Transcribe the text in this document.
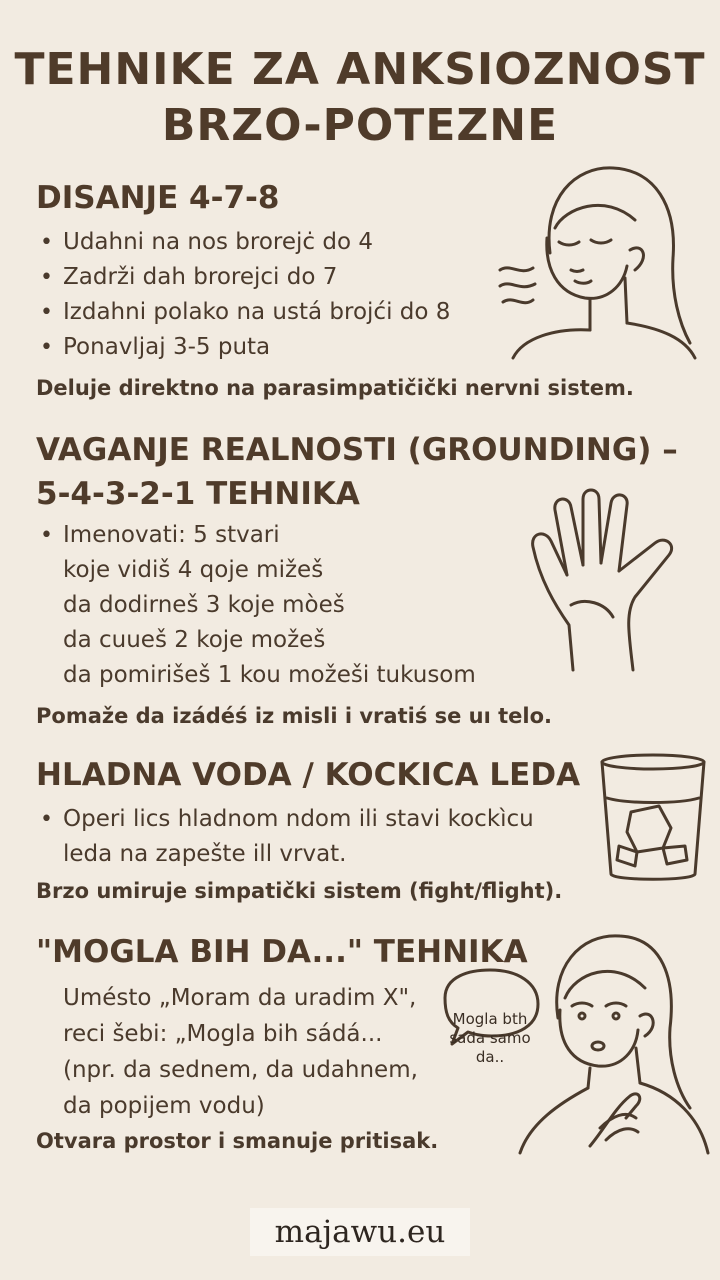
TEHNIKE ZA ANKSIOZNOST
BRZO-POTEZNE
DISANJE 4-7-8
• Udahni na nos brorejċ do 4
• Zadrži dah brorejci do 7
• Izdahni polako na ustá brojći do 8
• Ponavljaj 3-5 puta
Deluje direktno na parasimpatičički nervni sistem.
VAGANJE REALNOSTI (GROUNDING) –
5-4-3-2-1 TEHNIKA
• Imenovati: 5 stvari
koje vidiš 4 qoje mižeš
da dodirneš 3 koje mòeš
da cuueš 2 koje možeš
da pomirišeš 1 kou možeši tukusom
Pomaže da izádéś iz misli i vratiś se uı telo.
HLADNA VODA / KOCKICA LEDA
• Operi lics hladnom ndom ili stavi kockìcu
leda na zapešte ill vrvat.
Brzo umiruje simpatički sistem (fight/flight).
"MOGLA BIH DA..." TEHNIKA
Umésto „Moram da uradim X",
reci šebi: „Mogla bih sádá...
(npr. da sednem, da udahnem,
da popijem vodu)
Otvara prostor i smanuje pritisak.
Mogla bth
sada samo
da..
majawu.eu
